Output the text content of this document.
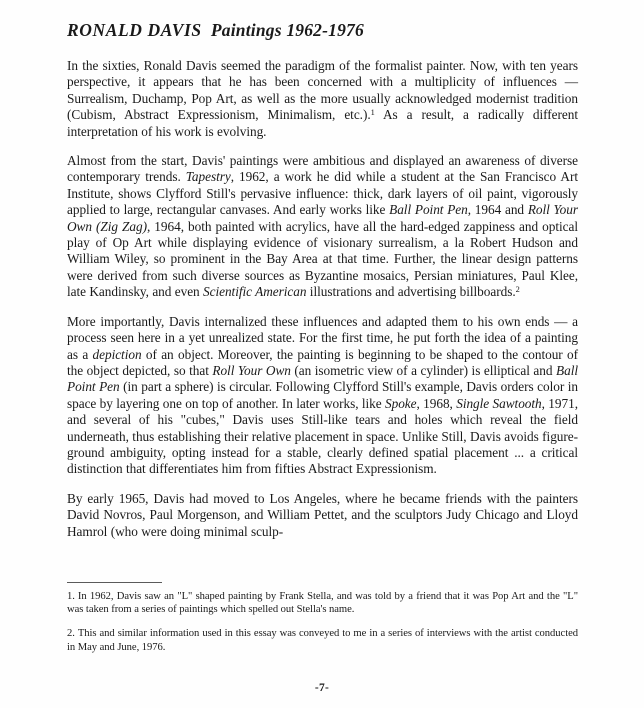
RONALD DAVIS Paintings 1962-1976

In the sixties, Ronald Davis seemed the paradigm of the formalist painter. Now, with ten years perspective, it appears that he has been concerned with a multiplicity of influences — Surrealism, Duchamp, Pop Art, as well as the more usually acknowledged modernist tradition (Cubism, Abstract Expressionism, Minimalism, etc.).$^1$ As a result, a radically different interpretation of his work is evolving.

Almost from the start, Davis' paintings were ambitious and displayed an awareness of diverse contemporary trends. Tapestry, 1962, a work he did while a student at the San Francisco Art Institute, shows Clyfford Still's pervasive influence: thick, dark layers of oil paint, vigorously applied to large, rectangular canvases. And early works like Ball Point Pen, 1964 and Roll Your Own (Zig Zag), 1964, both painted with acrylics, have all the hard-edged zappiness and optical play of Op Art while displaying evidence of visionary surrealism, a la Robert Hudson and William Wiley, so prominent in the Bay Area at that time. Further, the linear design patterns were derived from such diverse sources as Byzantine mosaics, Persian miniatures, Paul Klee, late Kandinsky, and even Scientific American illustrations and advertising billboards.$^2$

More importantly, Davis internalized these influences and adapted them to his own ends — a process seen here in a yet unrealized state. For the first time, he put forth the idea of a painting as a depiction of an object. Moreover, the painting is beginning to be shaped to the contour of the object depicted, so that Roll Your Own (an isometric view of a cylinder) is elliptical and Ball Point Pen (in part a sphere) is circular. Following Clyfford Still's example, Davis orders color in space by layering one on top of another. In later works, like Spoke, 1968, Single Sawtooth, 1971, and several of his "cubes," Davis uses Still-like tears and holes which reveal the field underneath, thus establishing their relative placement in space. Unlike Still, Davis avoids figure-ground ambiguity, opting instead for a stable, clearly defined spatial placement ... a critical distinction that differentiates him from fifties Abstract Expressionism.

By early 1965, Davis had moved to Los Angeles, where he became friends with the painters David Novros, Paul Morgenson, and William Pettet, and the sculptors Judy Chicago and Lloyd Hamrol (who were doing minimal sculp-

1. In 1962, Davis saw an "L" shaped painting by Frank Stella, and was told by a friend that it was Pop Art and the "L" was taken from a series of paintings which spelled out Stella's name.

2. This and similar information used in this essay was conveyed to me in a series of interviews with the artist conducted in May and June, 1976.

-7-
